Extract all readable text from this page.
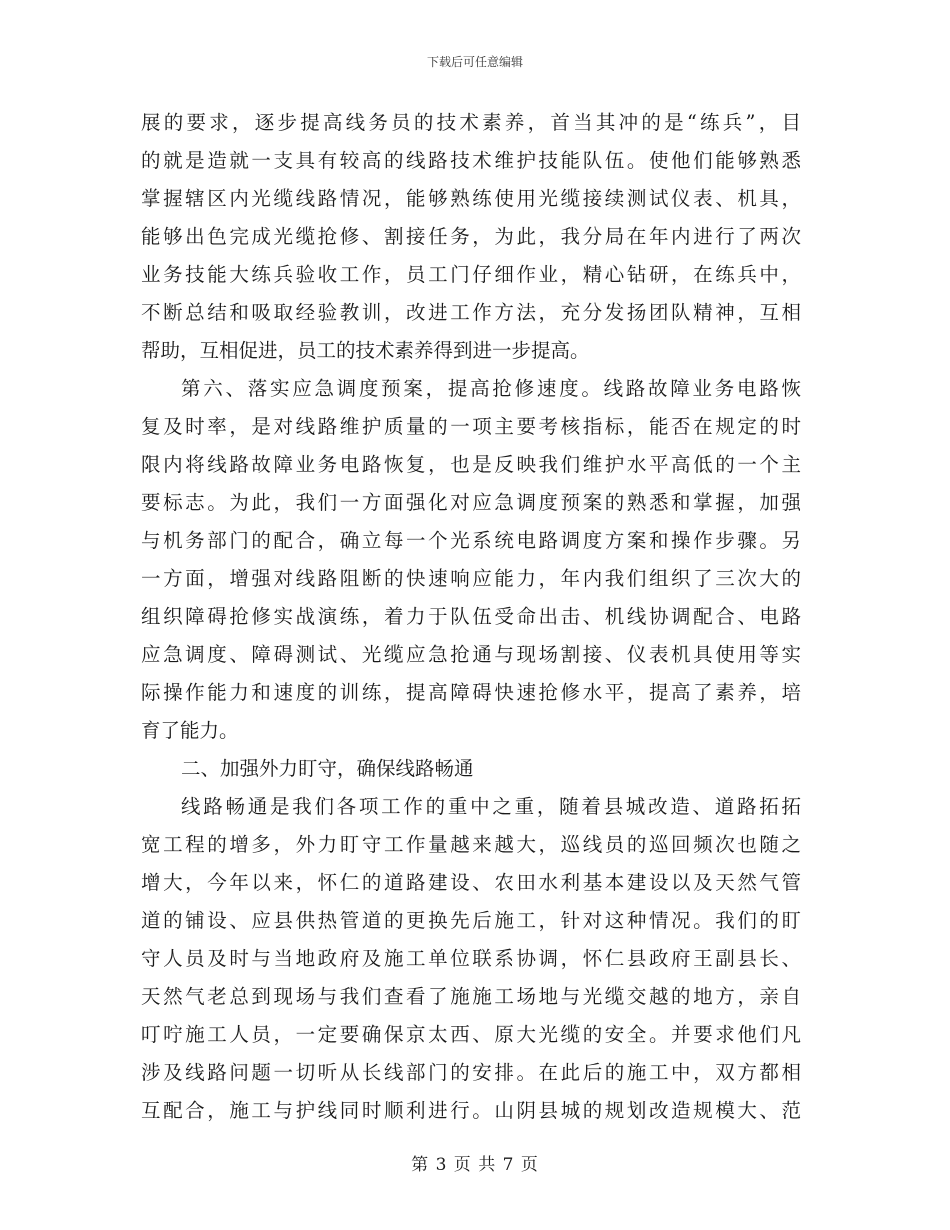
下载后可任意编辑
展的要求，逐步提高线务员的技术素养，首当其冲的是“练兵”，目
的就是造就一支具有较高的线路技术维护技能队伍。使他们能够熟悉
掌握辖区内光缆线路情况，能够熟练使用光缆接续测试仪表、机具，
能够出色完成光缆抢修、割接任务，为此，我分局在年内进行了两次
业务技能大练兵验收工作，员工门仔细作业，精心钻研，在练兵中，
不断总结和吸取经验教训，改进工作方法，充分发扬团队精神，互相
帮助，互相促进，员工的技术素养得到进一步提高。
第六、落实应急调度预案，提高抢修速度。线路故障业务电路恢
复及时率，是对线路维护质量的一项主要考核指标，能否在规定的时
限内将线路故障业务电路恢复，也是反映我们维护水平高低的一个主
要标志。为此，我们一方面强化对应急调度预案的熟悉和掌握，加强
与机务部门的配合，确立每一个光系统电路调度方案和操作步骤。另
一方面，增强对线路阻断的快速响应能力，年内我们组织了三次大的
组织障碍抢修实战演练，着力于队伍受命出击、机线协调配合、电路
应急调度、障碍测试、光缆应急抢通与现场割接、仪表机具使用等实
际操作能力和速度的训练，提高障碍快速抢修水平，提高了素养，培
育了能力。
二、加强外力盯守，确保线路畅通
线路畅通是我们各项工作的重中之重，随着县城改造、道路拓拓
宽工程的增多，外力盯守工作量越来越大，巡线员的巡回频次也随之
增大，今年以来，怀仁的道路建设、农田水利基本建设以及天然气管
道的铺设、应县供热管道的更换先后施工，针对这种情况。我们的盯
守人员及时与当地政府及施工单位联系协调，怀仁县政府王副县长、
天然气老总到现场与我们查看了施施工场地与光缆交越的地方，亲自
叮咛施工人员，一定要确保京太西、原大光缆的安全。并要求他们凡
涉及线路问题一切听从长线部门的安排。在此后的施工中，双方都相
互配合，施工与护线同时顺利进行。山阴县城的规划改造规模大、范
第 3 页 共 7 页
